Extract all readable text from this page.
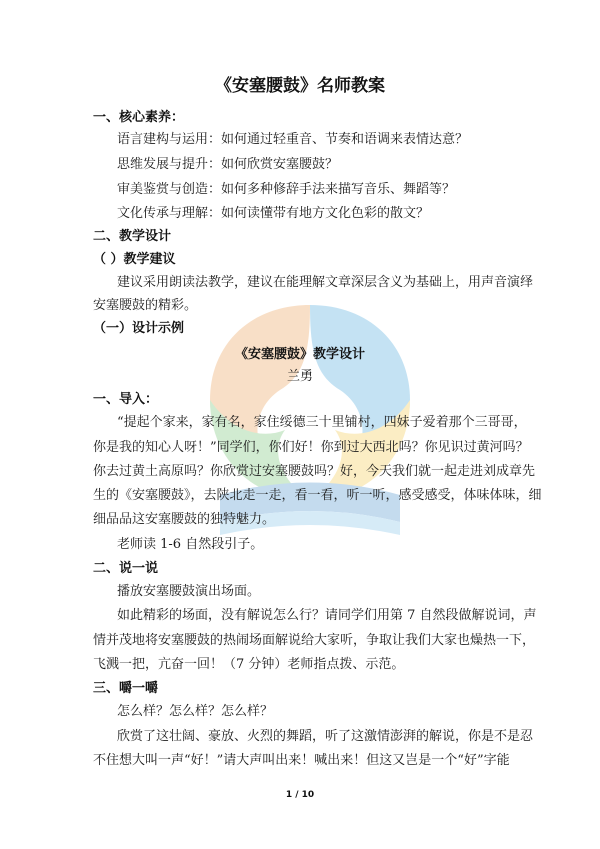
《安塞腰鼓》名师教案
一、核心素养：
语言建构与运用：如何通过轻重音、节奏和语调来表情达意？
思维发展与提升：如何欣赏安塞腰鼓？
审美鉴赏与创造：如何多种修辞手法来描写音乐、舞蹈等？
文化传承与理解：如何读懂带有地方文化色彩的散文？
二、教学设计
（ ）教学建议
建议采用朗读法教学，建议在能理解文章深层含义为基础上，用声音演绎
安塞腰鼓的精彩。
（一）设计示例
《安塞腰鼓》教学设计
兰勇
一、导入：
“提起个家来，家有名，家住绥德三十里铺村，四妹子爱着那个三哥哥，
你是我的知心人呀！”同学们，你们好！你到过大西北吗？你见识过黄河吗？
你去过黄土高原吗？你欣赏过安塞腰鼓吗？好，今天我们就一起走进刘成章先
生的《安塞腰鼓》，去陕北走一走，看一看，听一听，感受感受，体味体味，细
细品品这安塞腰鼓的独特魅力。
老师读 1-6 自然段引子。
二、说一说
播放安塞腰鼓演出场面。
如此精彩的场面，没有解说怎么行？请同学们用第 7 自然段做解说词，声
情并茂地将安塞腰鼓的热闹场面解说给大家听，争取让我们大家也燥热一下，
飞溅一把，亢奋一回！（7 分钟）老师指点拨、示范。
三、嚼一嚼
怎么样？怎么样？怎么样？
欣赏了这壮阔、豪放、火烈的舞蹈，听了这激情澎湃的解说，你是不是忍
不住想大叫一声“好！”请大声叫出来！喊出来！但这又岂是一个“好”字能
1 / 10
